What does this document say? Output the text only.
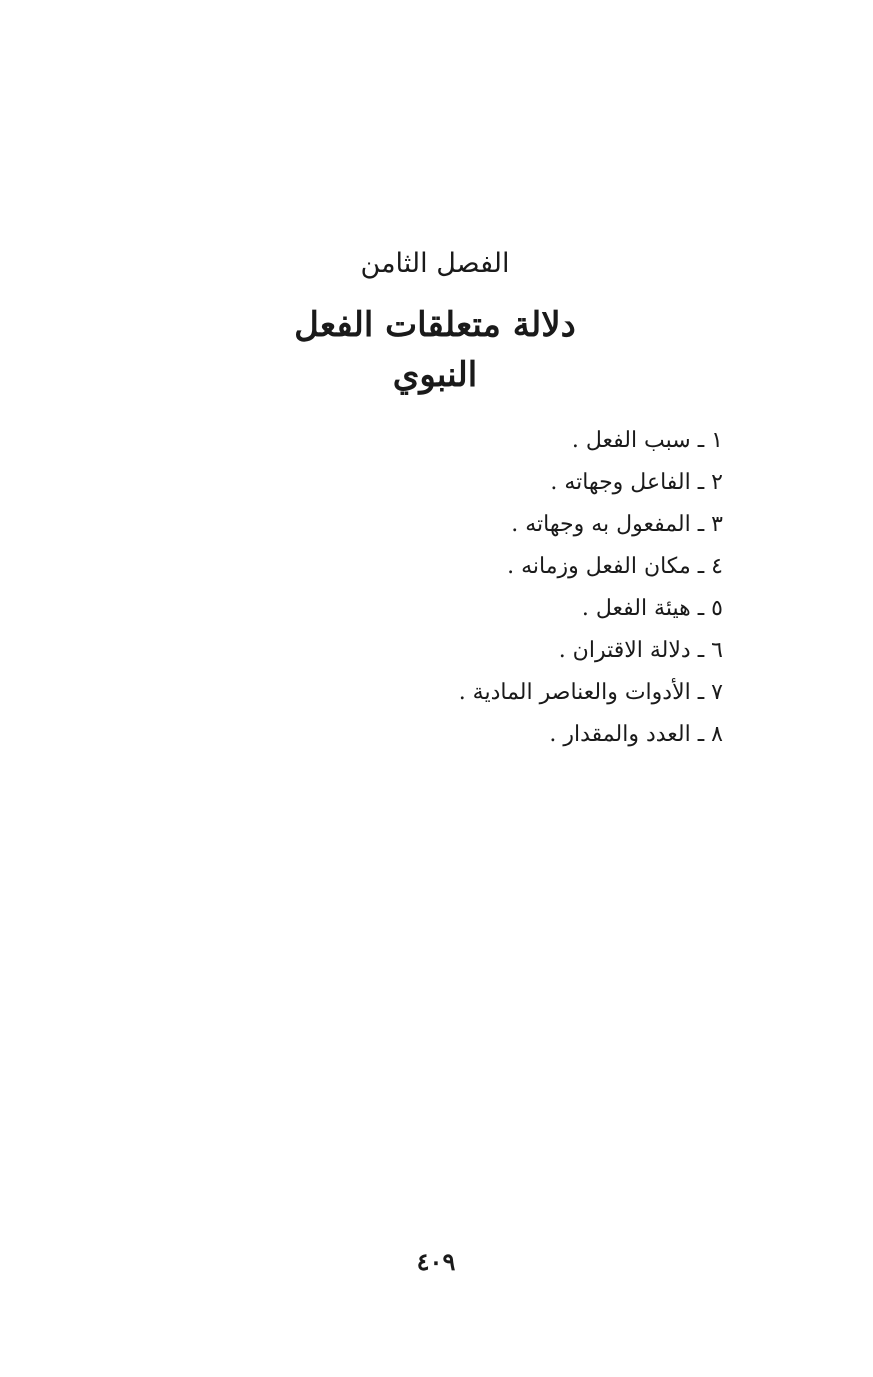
الفصل الثامن
دلالة متعلقات الفعل النبوي
١ ـ سبب الفعل .
٢ ـ الفاعل وجهاته .
٣ ـ المفعول به وجهاته .
٤ ـ مكان الفعل وزمانه .
٥ ـ هيئة الفعل .
٦ ـ دلالة الاقتران .
٧ ـ الأدوات والعناصر المادية .
٨ ـ العدد والمقدار .
٤٠٩
